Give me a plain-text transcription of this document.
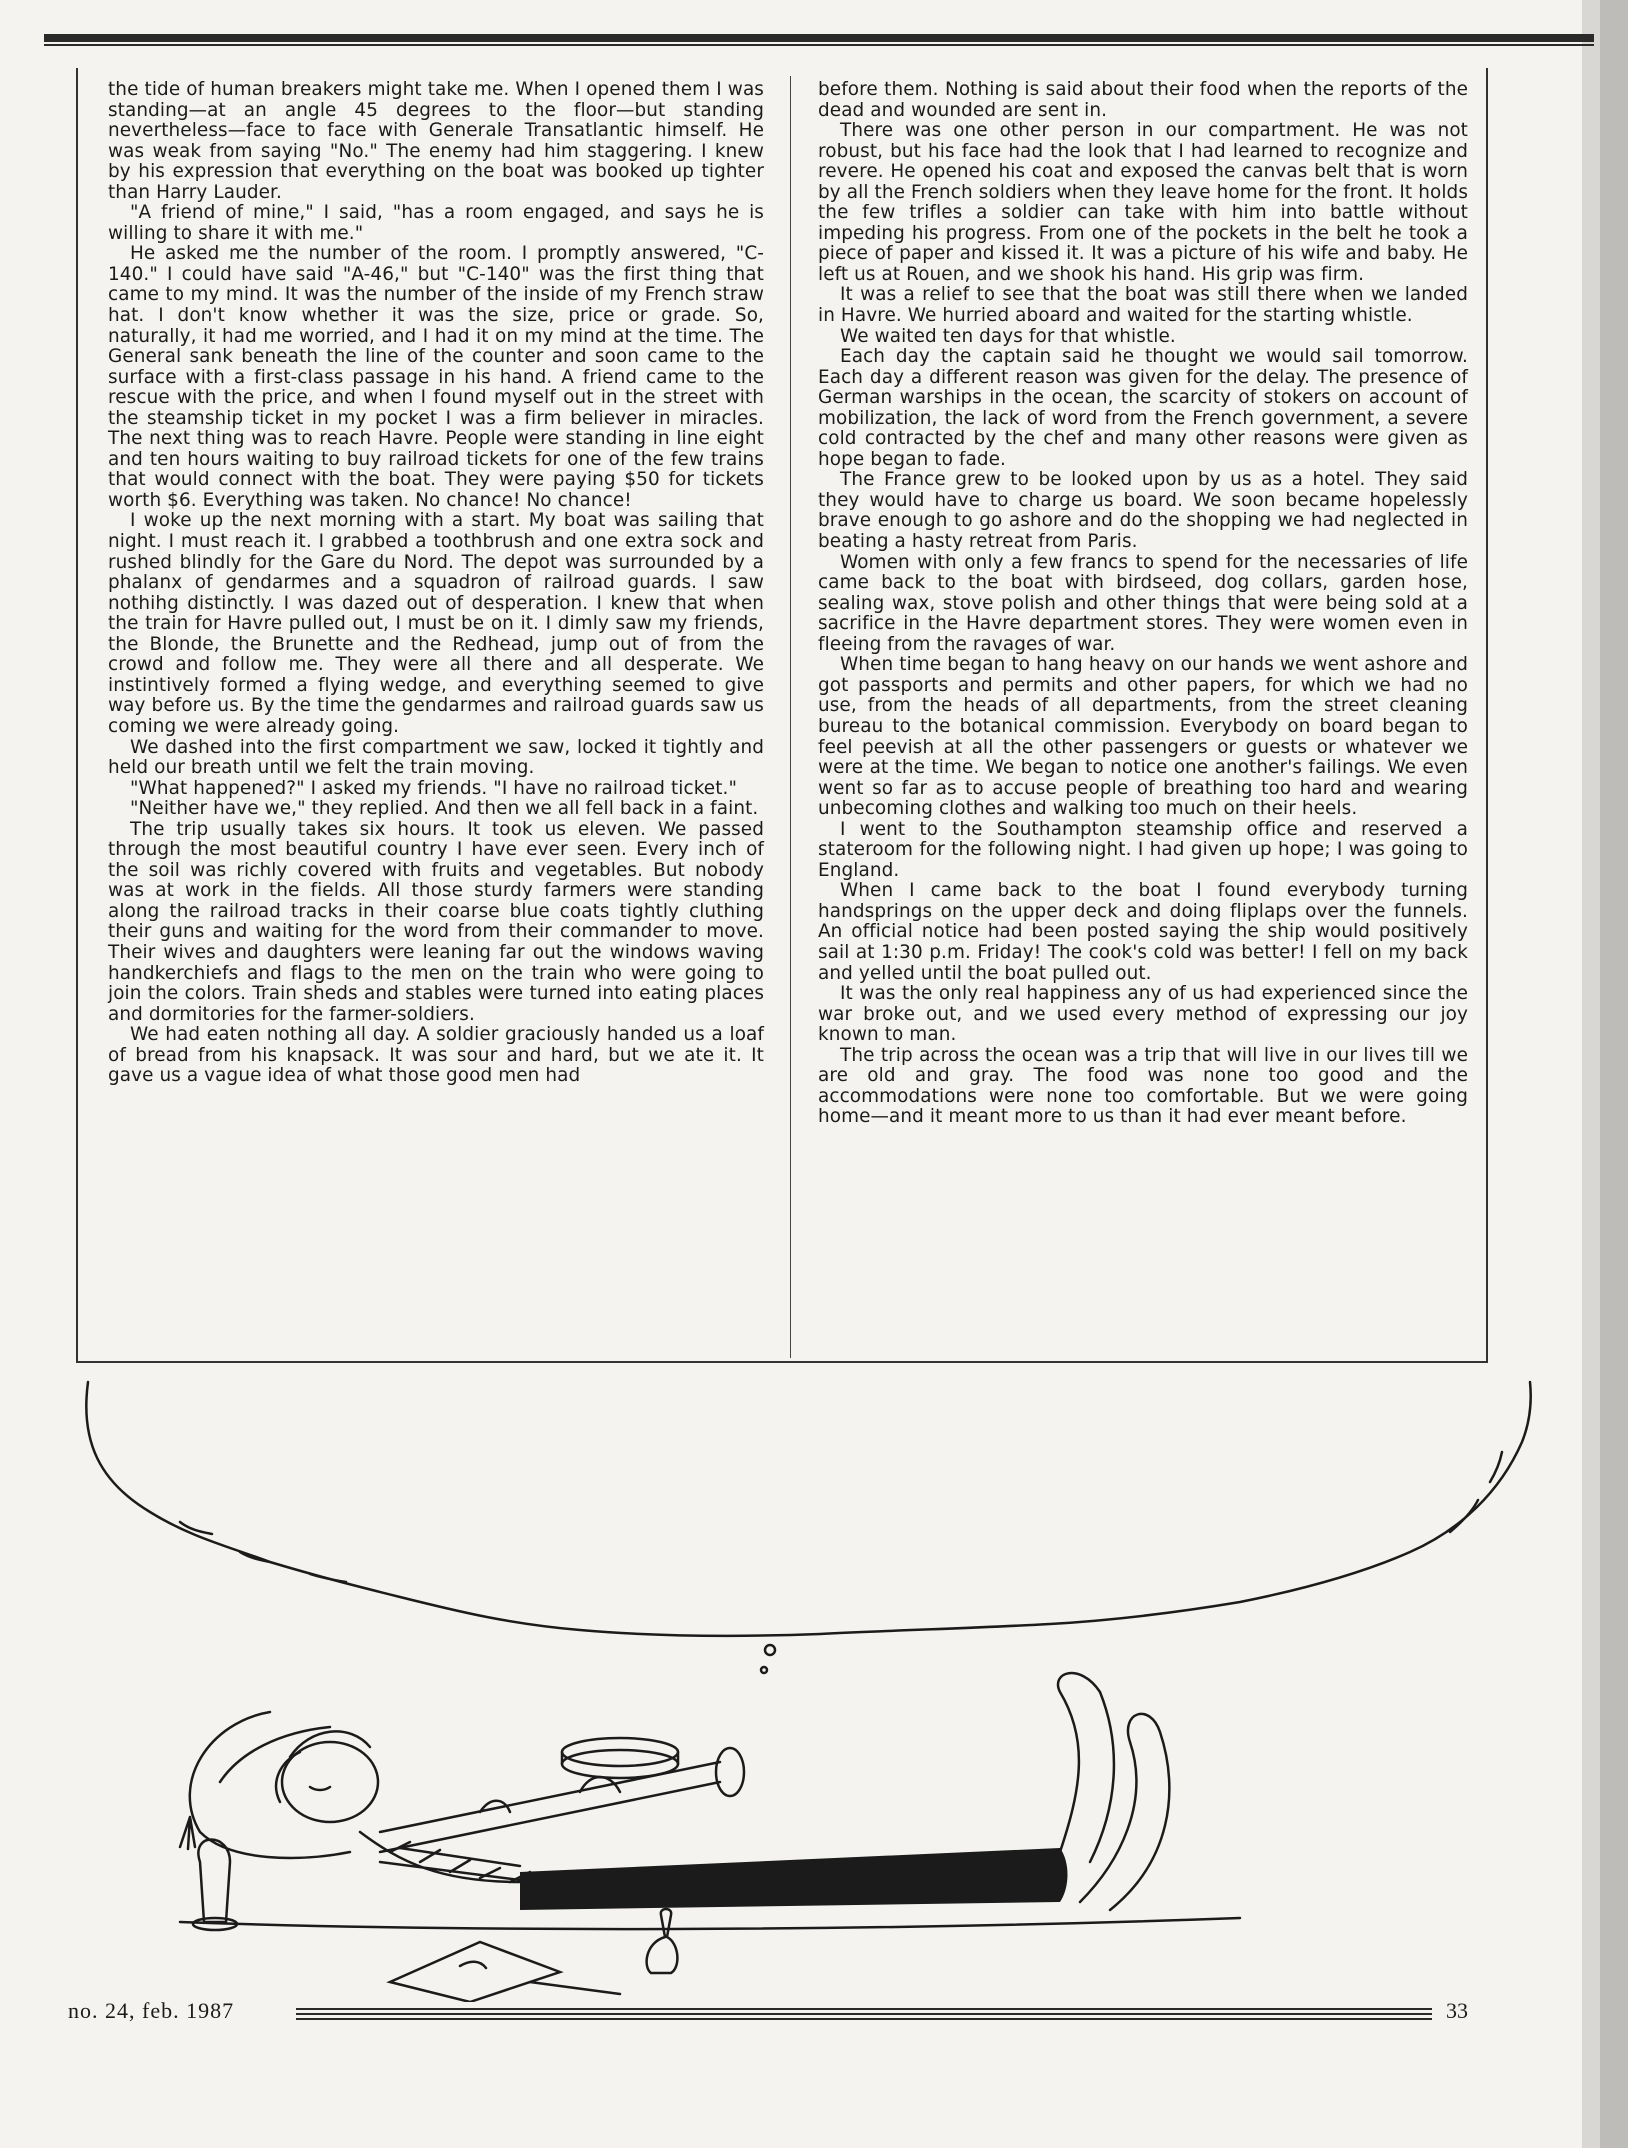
the tide of human breakers might take me. When I opened them I was standing—at an angle 45 degrees to the floor—but standing nevertheless—face to face with Generale Transatlantic himself. He was weak from saying "No." The enemy had him staggering. I knew by his expression that everything on the boat was booked up tighter than Harry Lauder.

"A friend of mine," I said, "has a room engaged, and says he is willing to share it with me."

He asked me the number of the room. I promptly answered, "C-140." I could have said "A-46," but "C-140" was the first thing that came to my mind. It was the number of the inside of my French straw hat. I don't know whether it was the size, price or grade. So, naturally, it had me worried, and I had it on my mind at the time. The General sank beneath the line of the counter and soon came to the surface with a first-class passage in his hand. A friend came to the rescue with the price, and when I found myself out in the street with the steamship ticket in my pocket I was a firm believer in miracles. The next thing was to reach Havre. People were standing in line eight and ten hours waiting to buy railroad tickets for one of the few trains that would connect with the boat. They were paying $50 for tickets worth $6. Everything was taken. No chance! No chance!

I woke up the next morning with a start. My boat was sailing that night. I must reach it. I grabbed a toothbrush and one extra sock and rushed blindly for the Gare du Nord. The depot was surrounded by a phalanx of gendarmes and a squadron of railroad guards. I saw nothihg distinctly. I was dazed out of desperation. I knew that when the train for Havre pulled out, I must be on it. I dimly saw my friends, the Blonde, the Brunette and the Redhead, jump out of from the crowd and follow me. They were all there and all desperate. We instintively formed a flying wedge, and everything seemed to give way before us. By the time the gendarmes and railroad guards saw us coming we were already going.

We dashed into the first compartment we saw, locked it tightly and held our breath until we felt the train moving.

"What happened?" I asked my friends. "I have no railroad ticket."

"Neither have we," they replied. And then we all fell back in a faint.

The trip usually takes six hours. It took us eleven. We passed through the most beautiful country I have ever seen. Every inch of the soil was richly covered with fruits and vegetables. But nobody was at work in the fields. All those sturdy farmers were standing along the railroad tracks in their coarse blue coats tightly cluthing their guns and waiting for the word from their commander to move. Their wives and daughters were leaning far out the windows waving handkerchiefs and flags to the men on the train who were going to join the colors. Train sheds and stables were turned into eating places and dormitories for the farmer-soldiers.

We had eaten nothing all day. A soldier graciously handed us a loaf of bread from his knapsack. It was sour and hard, but we ate it. It gave us a vague idea of what those good men had

before them. Nothing is said about their food when the reports of the dead and wounded are sent in.

There was one other person in our compartment. He was not robust, but his face had the look that I had learned to recognize and revere. He opened his coat and exposed the canvas belt that is worn by all the French soldiers when they leave home for the front. It holds the few trifles a soldier can take with him into battle without impeding his progress. From one of the pockets in the belt he took a piece of paper and kissed it. It was a picture of his wife and baby. He left us at Rouen, and we shook his hand. His grip was firm.

It was a relief to see that the boat was still there when we landed in Havre. We hurried aboard and waited for the starting whistle.

We waited ten days for that whistle.

Each day the captain said he thought we would sail tomorrow. Each day a different reason was given for the delay. The presence of German warships in the ocean, the scarcity of stokers on account of mobilization, the lack of word from the French government, a severe cold contracted by the chef and many other reasons were given as hope began to fade.

The France grew to be looked upon by us as a hotel. They said they would have to charge us board. We soon became hopelessly brave enough to go ashore and do the shopping we had neglected in beating a hasty retreat from Paris.

Women with only a few francs to spend for the necessaries of life came back to the boat with birdseed, dog collars, garden hose, sealing wax, stove polish and other things that were being sold at a sacrifice in the Havre department stores. They were women even in fleeing from the ravages of war.

When time began to hang heavy on our hands we went ashore and got passports and permits and other papers, for which we had no use, from the heads of all departments, from the street cleaning bureau to the botanical commission. Everybody on board began to feel peevish at all the other passengers or guests or whatever we were at the time. We began to notice one another's failings. We even went so far as to accuse people of breathing too hard and wearing unbecoming clothes and walking too much on their heels.

I went to the Southampton steamship office and reserved a stateroom for the following night. I had given up hope; I was going to England.

When I came back to the boat I found everybody turning handsprings on the upper deck and doing fliplaps over the funnels. An official notice had been posted saying the ship would positively sail at 1:30 p.m. Friday! The cook's cold was better! I fell on my back and yelled until the boat pulled out.

It was the only real happiness any of us had experienced since the war broke out, and we used every method of expressing our joy known to man.

The trip across the ocean was a trip that will live in our lives till we are old and gray. The food was none too good and the accommodations were none too comfortable. But we were going home—and it meant more to us than it had ever meant before.

no. 24, feb. 1987	33
